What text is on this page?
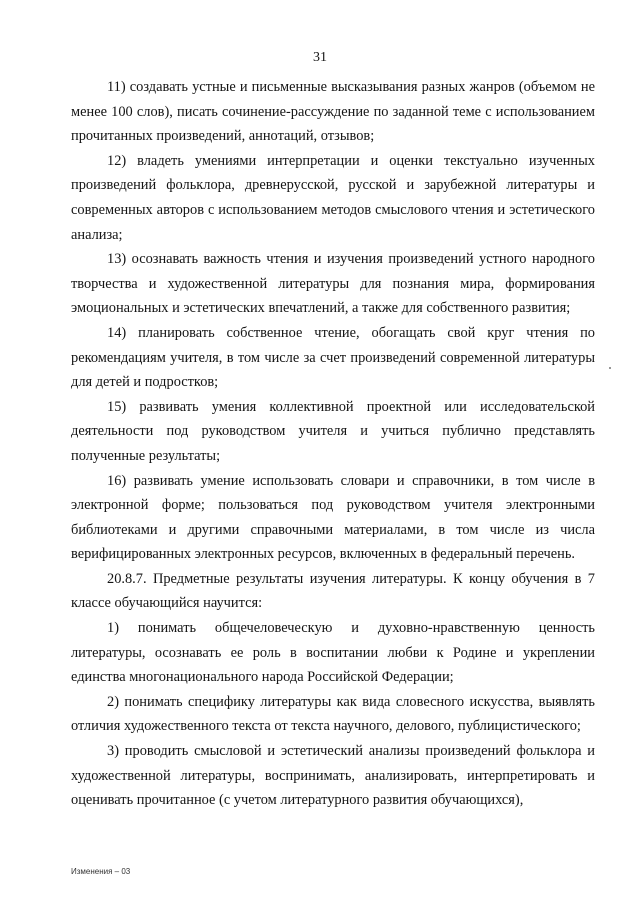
31

11) создавать устные и письменные высказывания разных жанров (объемом не менее 100 слов), писать сочинение-рассуждение по заданной теме с использованием прочитанных произведений, аннотаций, отзывов;

12) владеть умениями интерпретации и оценки текстуально изученных произведений фольклора, древнерусской, русской и зарубежной литературы и современных авторов с использованием методов смыслового чтения и эстетического анализа;

13) осознавать важность чтения и изучения произведений устного народного творчества и художественной литературы для познания мира, формирования эмоциональных и эстетических впечатлений, а также для собственного развития;

14) планировать собственное чтение, обогащать свой круг чтения по рекомендациям учителя, в том числе за счет произведений современной литературы для детей и подростков;

15) развивать умения коллективной проектной или исследовательской деятельности под руководством учителя и учиться публично представлять полученные результаты;

16) развивать умение использовать словари и справочники, в том числе в электронной форме; пользоваться под руководством учителя электронными библиотеками и другими справочными материалами, в том числе из числа верифицированных электронных ресурсов, включенных в федеральный перечень.

20.8.7. Предметные результаты изучения литературы. К концу обучения в 7 классе обучающийся научится:

1) понимать общечеловеческую и духовно-нравственную ценность литературы, осознавать ее роль в воспитании любви к Родине и укреплении единства многонационального народа Российской Федерации;

2) понимать специфику литературы как вида словесного искусства, выявлять отличия художественного текста от текста научного, делового, публицистического;

3) проводить смысловой и эстетический анализы произведений фольклора и художественной литературы, воспринимать, анализировать, интерпретировать и оценивать прочитанное (с учетом литературного развития обучающихся),

Изменения – 03
